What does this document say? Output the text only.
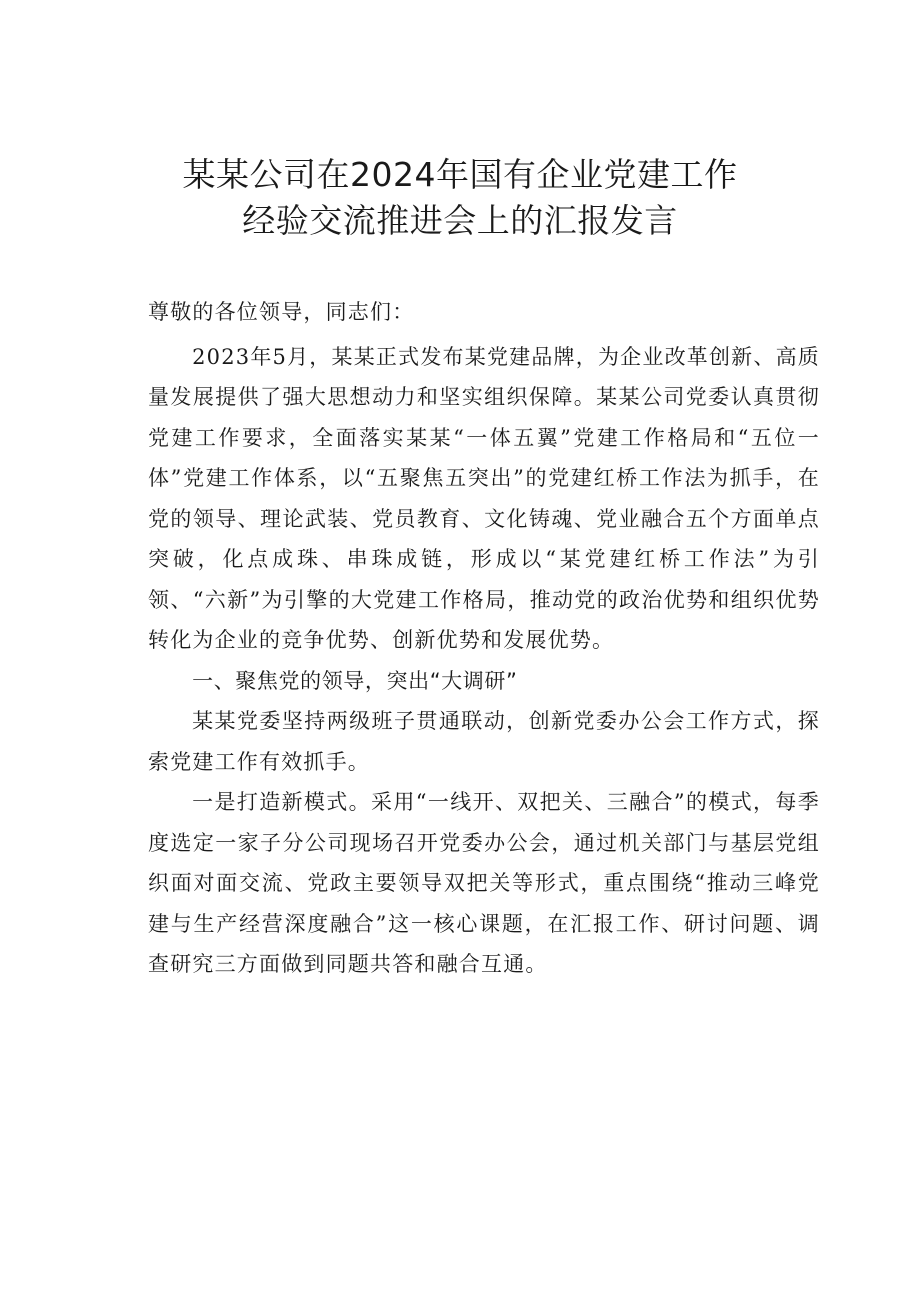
某某公司在2024年国有企业党建工作
经验交流推进会上的汇报发言

尊敬的各位领导，同志们：

2023年5月，某某正式发布某党建品牌，为企业改革创新、高质量发展提供了强大思想动力和坚实组织保障。某某公司党委认真贯彻党建工作要求，全面落实某某“一体五翼”党建工作格局和“五位一体”党建工作体系，以“五聚焦五突出”的党建红桥工作法为抓手，在党的领导、理论武装、党员教育、文化铸魂、党业融合五个方面单点突破，化点成珠、串珠成链，形成以“某党建红桥工作法”为引领、“六新”为引擎的大党建工作格局，推动党的政治优势和组织优势转化为企业的竞争优势、创新优势和发展优势。

一、聚焦党的领导，突出“大调研”

某某党委坚持两级班子贯通联动，创新党委办公会工作方式，探索党建工作有效抓手。

一是打造新模式。采用“一线开、双把关、三融合”的模式，每季度选定一家子分公司现场召开党委办公会，通过机关部门与基层党组织面对面交流、党政主要领导双把关等形式，重点围绕“推动三峰党建与生产经营深度融合”这一核心课题，在汇报工作、研讨问题、调查研究三方面做到同题共答和融合互通。
